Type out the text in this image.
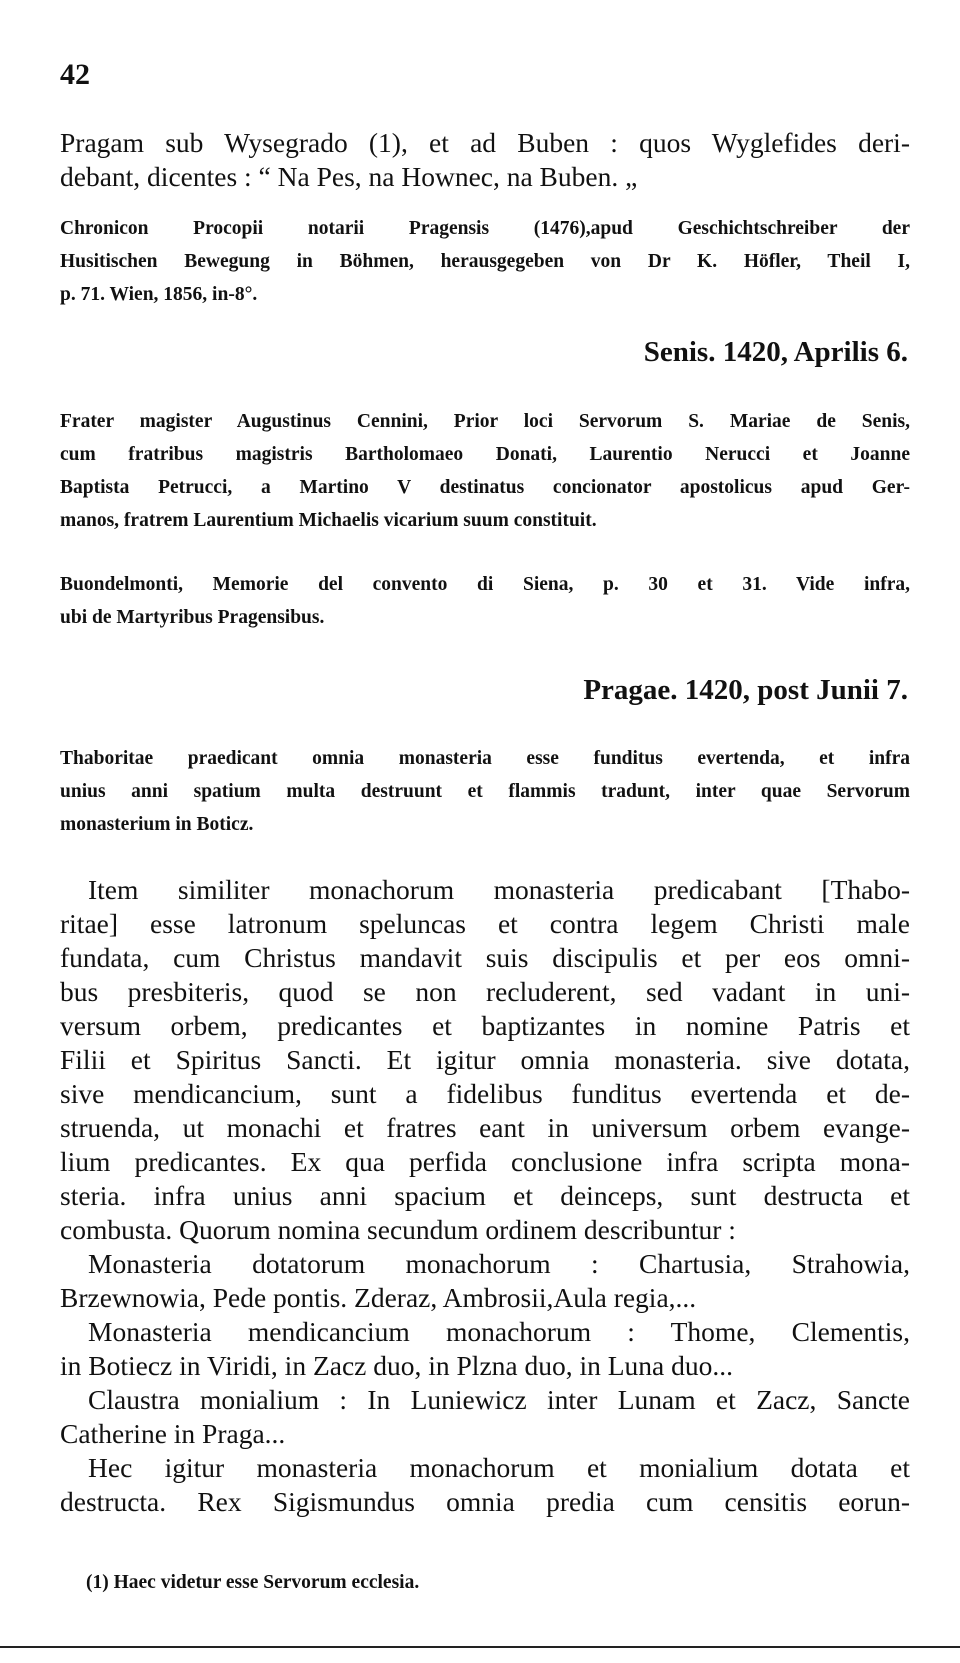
42
Pragam sub Wysegrado (1), et ad Buben : quos Wyglefides deri-
debant, dicentes : “ Na Pes, na Hownec, na Buben. „
Chronicon Procopii notarii Pragensis (1476),apud Geschichtschreiber der
Husitischen Bewegung in Böhmen, herausgegeben von Dr K. Höfler, Theil I,
p. 71. Wien, 1856, in-8°.
Senis. 1420, Aprilis 6.
Frater magister Augustinus Cennini, Prior loci Servorum S. Mariae de Senis,
cum fratribus magistris Bartholomaeo Donati, Laurentio Nerucci et Joanne
Baptista Petrucci, a Martino V destinatus concionator apostolicus apud Ger-
manos, fratrem Laurentium Michaelis vicarium suum constituit.
Buondelmonti, Memorie del convento di Siena, p. 30 et 31. Vide infra,
ubi de Martyribus Pragensibus.
Pragae. 1420, post Junii 7.
Thaboritae praedicant omnia monasteria esse funditus evertenda, et infra
unius anni spatium multa destruunt et flammis tradunt, inter quae Servorum
monasterium in Boticz.
Item similiter monachorum monasteria predicabant [Thabo-
ritae] esse latronum speluncas et contra legem Christi male
fundata, cum Christus mandavit suis discipulis et per eos omni-
bus presbiteris, quod se non recluderent, sed vadant in uni-
versum orbem, predicantes et baptizantes in nomine Patris et
Filii et Spiritus Sancti. Et igitur omnia monasteria. sive dotata,
sive mendicancium, sunt a fidelibus funditus evertenda et de-
struenda, ut monachi et fratres eant in universum orbem evange-
lium predicantes. Ex qua perfida conclusione infra scripta mona-
steria. infra unius anni spacium et deinceps, sunt destructa et
combusta. Quorum nomina secundum ordinem describuntur :
Monasteria dotatorum monachorum : Chartusia, Strahowia,
Brzewnowia, Pede pontis. Zderaz, Ambrosii,Aula regia,...
Monasteria mendicancium monachorum : Thome, Clementis,
in Botiecz in Viridi, in Zacz duo, in Plzna duo, in Luna duo...
Claustra monialium : In Luniewicz inter Lunam et Zacz, Sancte
Catherine in Praga...
Hec igitur monasteria monachorum et monialium dotata et
destructa. Rex Sigismundus omnia predia cum censitis eorun-
(1) Haec videtur esse Servorum ecclesia.
